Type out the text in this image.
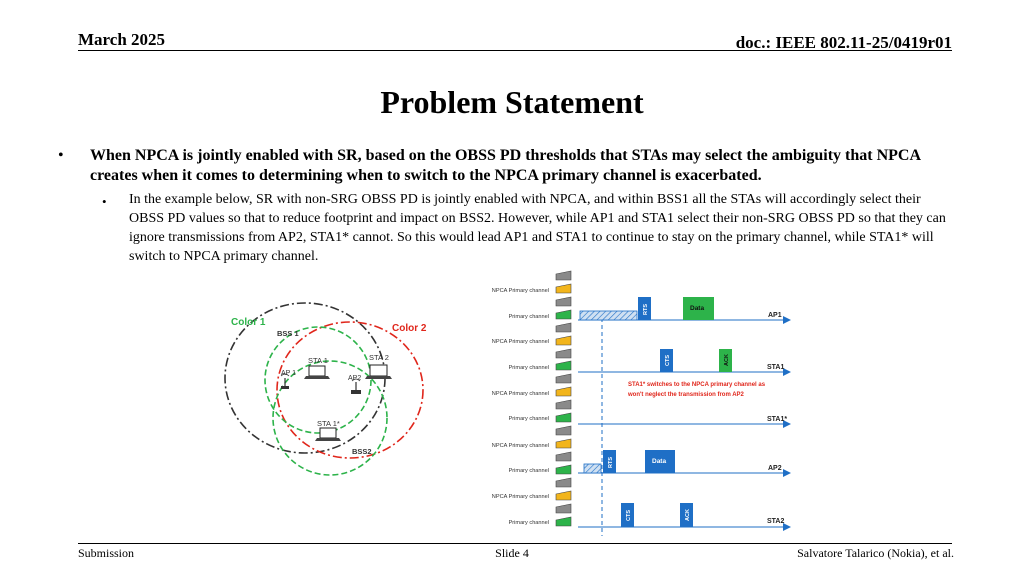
March 2025	doc.: IEEE 802.11-25/0419r01
Problem Statement
• When NPCA is jointly enabled with SR, based on the OBSS PD thresholds that STAs may select the ambiguity that NPCA creates when it comes to determining when to switch to the NPCA primary channel is exacerbated.
• In the example below, SR with non-SRG OBSS PD is jointly enabled with NPCA, and within BSS1 all the STAs will accordingly select their OBSS PD values so that to reduce footprint and impact on BSS2. However, while AP1 and STA1 select their non-SRG OBSS PD so that they can ignore transmissions from AP2, STA1* cannot. So this would lead AP1 and STA1 to continue to stay on the primary channel, while STA1* will switch to NPCA primary channel.
Color 1
Color 2
BSS 1
BSS2
STA 1	STA 2
AP 1
AP2
STA 1*
NPCA Primary channel
Primary channel
NPCA Primary channel
Primary channel
NPCA Primary channel
Primary channel
NPCA Primary channel
Primary channel
NPCA Primary channel
Primary channel
AP1
STA1
STA1*
AP2
STA2
RTS	Data
CTS	ACK
STA1* switches to the NPCA primary channel as
won't neglect the transmission from AP2
RTS	Data
CTS	ACK
Submission	Slide 4	Salvatore Talarico (Nokia), et al.
